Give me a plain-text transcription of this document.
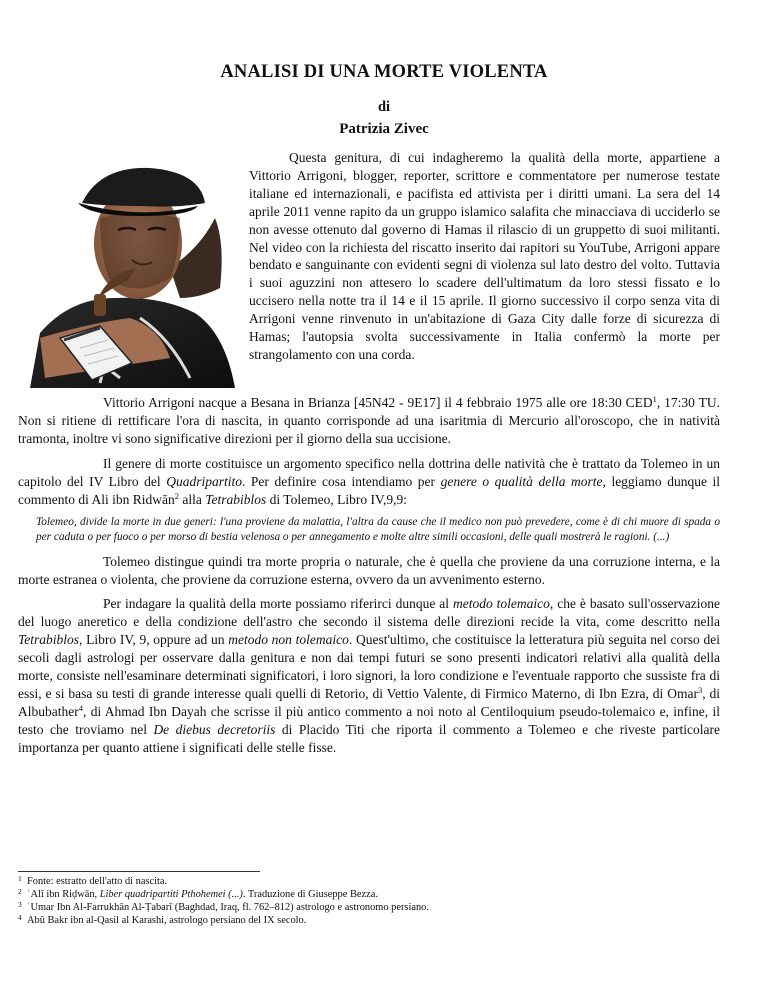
ANALISI DI UNA MORTE VIOLENTA
di
Patrizia Zivec

Questa genitura, di cui indagheremo la qualità della morte, appartiene a Vittorio Arrigoni, blogger, reporter, scrittore e commentatore per numerose testate italiane ed internazionali, e pacifista ed attivista per i diritti umani. La sera del 14 aprile 2011 venne rapito da un gruppo islamico salafita che minacciava di ucciderlo se non avesse ottenuto dal governo di Hamas il rilascio di un gruppetto di suoi militanti. Nel video con la richiesta del riscatto inserito dai rapitori su YouTube, Arrigoni appare bendato e sanguinante con evidenti segni di violenza sul lato destro del volto. Tuttavia i suoi aguzzini non attesero lo scadere dell'ultimatum da loro stessi fissato e lo uccisero nella notte tra il 14 e il 15 aprile. Il giorno successivo il corpo senza vita di Arrigoni venne rinvenuto in un'abitazione di Gaza City dalle forze di sicurezza di Hamas; l'autopsia svolta successivamente in Italia confermò la morte per strangolamento con una corda.

Vittorio Arrigoni nacque a Besana in Brianza [45N42 - 9E17] il 4 febbraio 1975 alle ore 18:30 CED$^1$, 17:30 TU. Non si ritiene di rettificare l'ora di nascita, in quanto corrisponde ad una isaritmia di Mercurio all'oroscopo, che in natività tramonta, inoltre vi sono significative direzioni per il giorno della sua uccisione.

Il genere di morte costituisce un argomento specifico nella dottrina delle natività che è trattato da Tolemeo in un capitolo del IV Libro del Quadripartito. Per definire cosa intendiamo per genere o qualità della morte, leggiamo dunque il commento di Ali ibn Ridwān$^2$ alla Tetrabiblos di Tolemeo, Libro IV,9,9:

Tolemeo, divide la morte in due generi: l'una proviene da malattia, l'altra da cause che il medico non può prevedere, come è di chi muore di spada o per caduta o per fuoco o per morso di bestia velenosa o per annegamento e molte altre simili occasioni, delle quali mostrerà le ragioni. (...)

Tolemeo distingue quindi tra morte propria o naturale, che è quella che proviene da una corruzione interna, e la morte estranea o violenta, che proviene da corruzione esterna, ovvero da un avvenimento esterno.

Per indagare la qualità della morte possiamo riferirci dunque al metodo tolemaico, che è basato sull'osservazione del luogo aneretico e della condizione dell'astro che secondo il sistema delle direzioni recide la vita, come descritto nella Tetrabiblos, Libro IV, 9, oppure ad un metodo non tolemaico. Quest'ultimo, che costituisce la letteratura più seguita nel corso dei secoli dagli astrologi per osservare dalla genitura e non dai tempi futuri se sono presenti indicatori relativi alla qualità della morte, consiste nell'esaminare determinati significatori, i loro signori, la loro condizione e l'eventuale rapporto che sussiste fra di essi, e si basa su testi di grande interesse quali quelli di Retorio, di Vettio Valente, di Firmico Materno, di Ibn Ezra, di Omar$^3$, di Albubather$^4$, di Ahmad Ibn Dayah che scrisse il più antico commento a noi noto al Centiloquium pseudo-tolemaico e, infine, il testo che troviamo nel De diebus decretoriis di Placido Titi che riporta il commento a Tolemeo e che riveste particolare importanza per quanto attiene i significati delle stelle fisse.

1 Fonte: estratto dell'atto di nascita.
2 ʿAlī ibn Riḍwān, Liber quadripartiti Pthohemei (...). Traduzione di Giuseppe Bezza.
3 ʿUmar Ibn Al-Farrukhān Al-Ṭabarī (Baghdad, Iraq, fl. 762–812) astrologo e astronomo persiano.
4 Abû Bakr ibn al-Qasil al Karashi, astrologo persiano del IX secolo.
